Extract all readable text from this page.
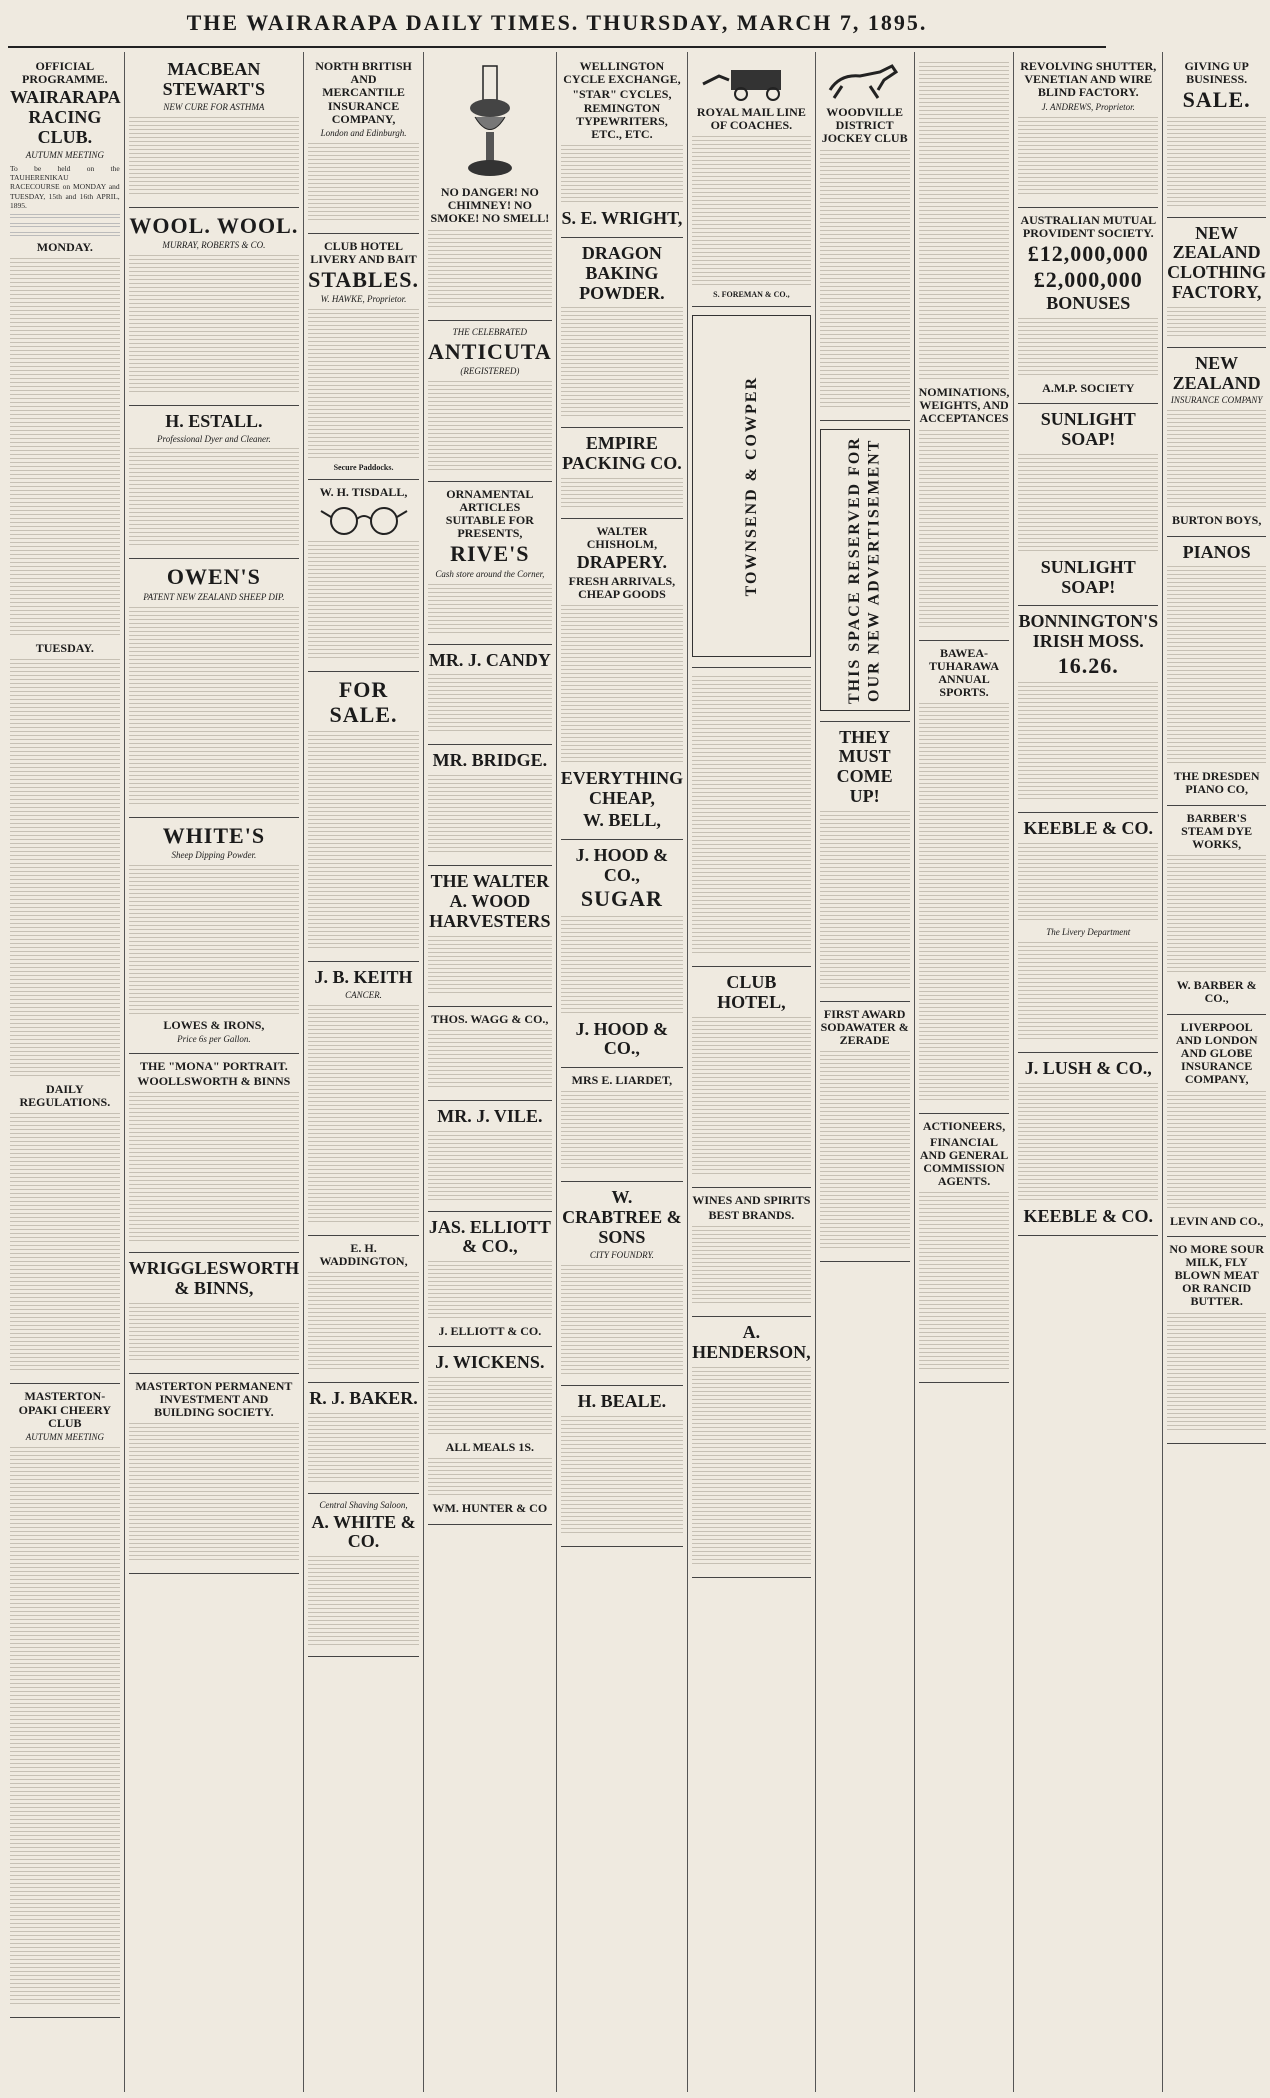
THE WAIRARAPA DAILY TIMES. THURSDAY, MARCH 7, 1895.
OFFICIAL PROGRAMME.
WAIRARAPA RACING CLUB.
AUTUMN MEETING
To be held on the TAUHERENIKAU RACECOURSE on MONDAY and TUESDAY, 15th and 16th APRIL, 1895.
MONDAY.
TUESDAY.
DAILY REGULATIONS.
MASTERTON-OPAKI CHEERY CLUB
AUTUMN MEETING
MACBEAN STEWART'S
NEW CURE FOR ASTHMA
WOOL. WOOL.
MURRAY, ROBERTS & CO.
H. ESTALL.
Professional Dyer and Cleaner.
OWEN'S
PATENT NEW ZEALAND SHEEP DIP.
WHITE'S
Sheep Dipping Powder.
LOWES & IRONS,
Price 6s per Gallon.
THE "MONA" PORTRAIT.
WOOLLSWORTH & BINNS
WRIGGLESWORTH & BINNS,
MASTERTON PERMANENT INVESTMENT AND BUILDING SOCIETY.
NORTH BRITISH AND MERCANTILE INSURANCE COMPANY,
London and Edinburgh.
CLUB HOTEL LIVERY AND BAIT
STABLES.
W. HAWKE, Proprietor.
Secure Paddocks.
W. H. TISDALL,
FOR SALE.
J. B. KEITH
CANCER.
E. H. WADDINGTON,
R. J. BAKER.
Central Shaving Saloon,
A. WHITE & CO.
NO DANGER! NO CHIMNEY! NO SMOKE! NO SMELL!
THE CELEBRATED
ANTICUTA
(REGISTERED)
ORNAMENTAL ARTICLES SUITABLE FOR PRESENTS,
RIVE'S
Cash store around the Corner,
MR. J. CANDY
MR. BRIDGE.
THE WALTER A. WOOD HARVESTERS
THOS. WAGG & CO.,
MR. J. VILE.
JAS. ELLIOTT & CO.,
J. ELLIOTT & CO.
J. WICKENS.
ALL MEALS 1S.
WM. HUNTER & CO
WELLINGTON CYCLE EXCHANGE,
"STAR" CYCLES, REMINGTON TYPEWRITERS, ETC., ETC.
S. E. WRIGHT,
DRAGON BAKING POWDER.
EMPIRE PACKING CO.
WALTER CHISHOLM,
DRAPERY.
FRESH ARRIVALS, CHEAP GOODS
EVERYTHING CHEAP,
W. BELL,
J. HOOD & CO.,
SUGAR
J. HOOD & CO.,
MRS E. LIARDET,
W. CRABTREE & SONS
CITY FOUNDRY.
H. BEALE.
ROYAL MAIL LINE OF COACHES.
S. FOREMAN & CO.,
TOWNSEND & COWPER
CLUB HOTEL,
WINES AND SPIRITS
BEST BRANDS.
A. HENDERSON,
WOODVILLE DISTRICT JOCKEY CLUB
THIS SPACE RESERVED FOR OUR NEW ADVERTISEMENT
THEY MUST COME UP!
FIRST AWARD SODAWATER & ZERADE
NOMINATIONS, WEIGHTS, AND ACCEPTANCES
BAWEA-TUHARAWA ANNUAL SPORTS.
ACTIONEERS,
FINANCIAL AND GENERAL COMMISSION AGENTS.
REVOLVING SHUTTER, VENETIAN AND WIRE BLIND FACTORY.
J. ANDREWS, Proprietor.
AUSTRALIAN MUTUAL PROVIDENT SOCIETY.
£12,000,000
£2,000,000
BONUSES
A.M.P. SOCIETY
SUNLIGHT SOAP!
SUNLIGHT SOAP!
BONNINGTON'S IRISH MOSS.
16.26.
KEEBLE & CO.
The Livery Department
J. LUSH & CO.,
KEEBLE & CO.
GIVING UP BUSINESS.
SALE.
NEW ZEALAND CLOTHING FACTORY,
NEW ZEALAND
INSURANCE COMPANY
BURTON BOYS,
PIANOS
THE DRESDEN PIANO CO,
BARBER'S STEAM DYE WORKS,
W. BARBER & CO.,
LIVERPOOL AND LONDON AND GLOBE INSURANCE COMPANY,
LEVIN AND CO.,
NO MORE SOUR MILK, FLY BLOWN MEAT OR RANCID BUTTER.
